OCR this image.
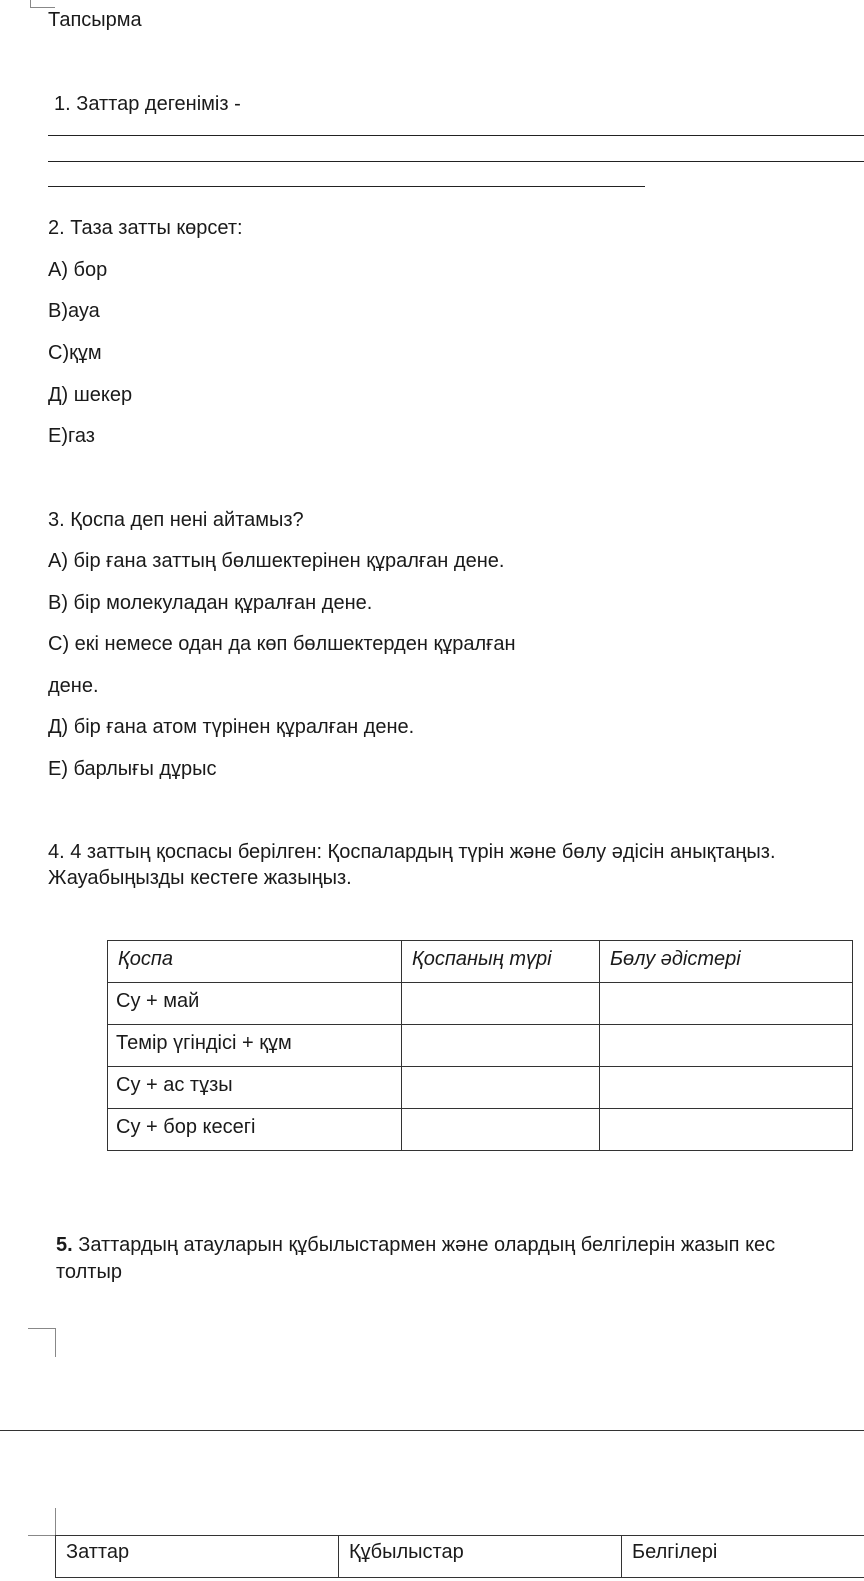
Тапсырма
1. Заттар дегеніміз -
2. Таза затты көрсет:
А) бор
В)ауа
С)құм
Д) шекер
Е)газ
3. Қоспа деп нені айтамыз?
А) бір ғана заттың бөлшектерінен құралған дене.
В) бір молекуладан құралған дене.
С) екі немесе одан да көп бөлшектерден құралған
дене.
Д) бір ғана атом түрінен құралған дене.
Е) барлығы дұрыс
4. 4 заттың қоспасы берілген: Қоспалардың түрін және бөлу әдісін анықтаңыз.
Жауабыңызды кестеге жазыңыз.
Қоспа	Қоспаның түрі	Бөлу әдістері
Су + май		
Темір үгіндісі + құм		
Су + ас тұзы		
Су + бор кесегі		
5. Заттардың атауларын құбылыстармен және олардың белгілерін жазып кес
толтыр
Заттар	Құбылыстар	Белгілері
